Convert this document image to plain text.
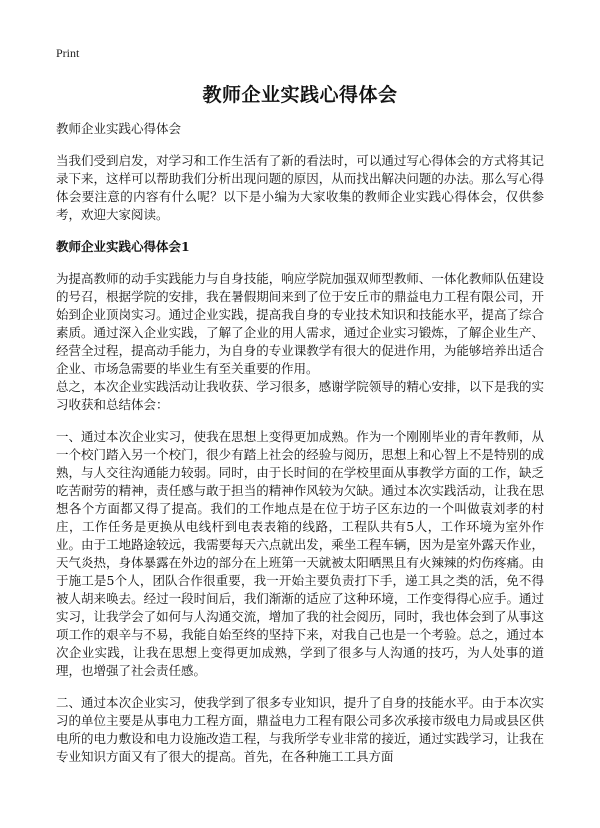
Print
教师企业实践心得体会

教师企业实践心得体会

当我们受到启发，对学习和工作生活有了新的看法时，可以通过写心得体会的方式将其记录下来，这样可以帮助我们分析出现问题的原因，从而找出解决问题的办法。那么写心得体会要注意的内容有什么呢？以下是小编为大家收集的教师企业实践心得体会，仅供参考，欢迎大家阅读。

教师企业实践心得体会1

为提高教师的动手实践能力与自身技能，响应学院加强双师型教师、一体化教师队伍建设的号召，根据学院的安排，我在暑假期间来到了位于安丘市的鼎益电力工程有限公司，开始到企业顶岗实习。通过企业实践，提高我自身的专业技术知识和技能水平，提高了综合素质。通过深入企业实践，了解了企业的用人需求，通过企业实习锻炼，了解企业生产、经营全过程，提高动手能力，为自身的专业课教学有很大的促进作用，为能够培养出适合企业、市场急需要的毕业生有至关重要的作用。

总之，本次企业实践活动让我收获、学习很多，感谢学院领导的精心安排，以下是我的实习收获和总结体会：

一、通过本次企业实习，使我在思想上变得更加成熟。作为一个刚刚毕业的青年教师，从一个校门踏入另一个校门，很少有踏上社会的经验与阅历，思想上和心智上不是特别的成熟，与人交往沟通能力较弱。同时，由于长时间的在学校里面从事教学方面的工作，缺乏吃苦耐劳的精神，责任感与敢于担当的精神作风较为欠缺。通过本次实践活动，让我在思想各个方面都又得了提高。我们的工作地点是在位于坊子区东边的一个叫做袁刘孝的村庄，工作任务是更换从电线杆到电表表箱的线路，工程队共有5人，工作环境为室外作业。由于工地路途较远，我需要每天六点就出发，乘坐工程车辆，因为是室外露天作业，天气炎热，身体暴露在外边的部分在上班第一天就被太阳晒黑且有火辣辣的灼伤疼痛。由于施工是5个人，团队合作很重要，我一开始主要负责打下手，递工具之类的活，免不得被人胡来唤去。经过一段时间后，我们渐渐的适应了这种环境，工作变得得心应手。通过实习，让我学会了如何与人沟通交流，增加了我的社会阅历，同时，我也体会到了从事这项工作的艰辛与不易，我能自始至终的坚持下来，对我自己也是一个考验。总之，通过本次企业实践，让我在思想上变得更加成熟，学到了很多与人沟通的技巧，为人处事的道理，也增强了社会责任感。

二、通过本次企业实习，使我学到了很多专业知识，提升了自身的技能水平。由于本次实习的单位主要是从事电力工程方面，鼎益电力工程有限公司多次承接市级电力局或县区供电所的电力敷设和电力设施改造工程，与我所学专业非常的接近，通过实践学习，让我在专业知识方面又有了很大的提高。首先，在各种施工工具方面
